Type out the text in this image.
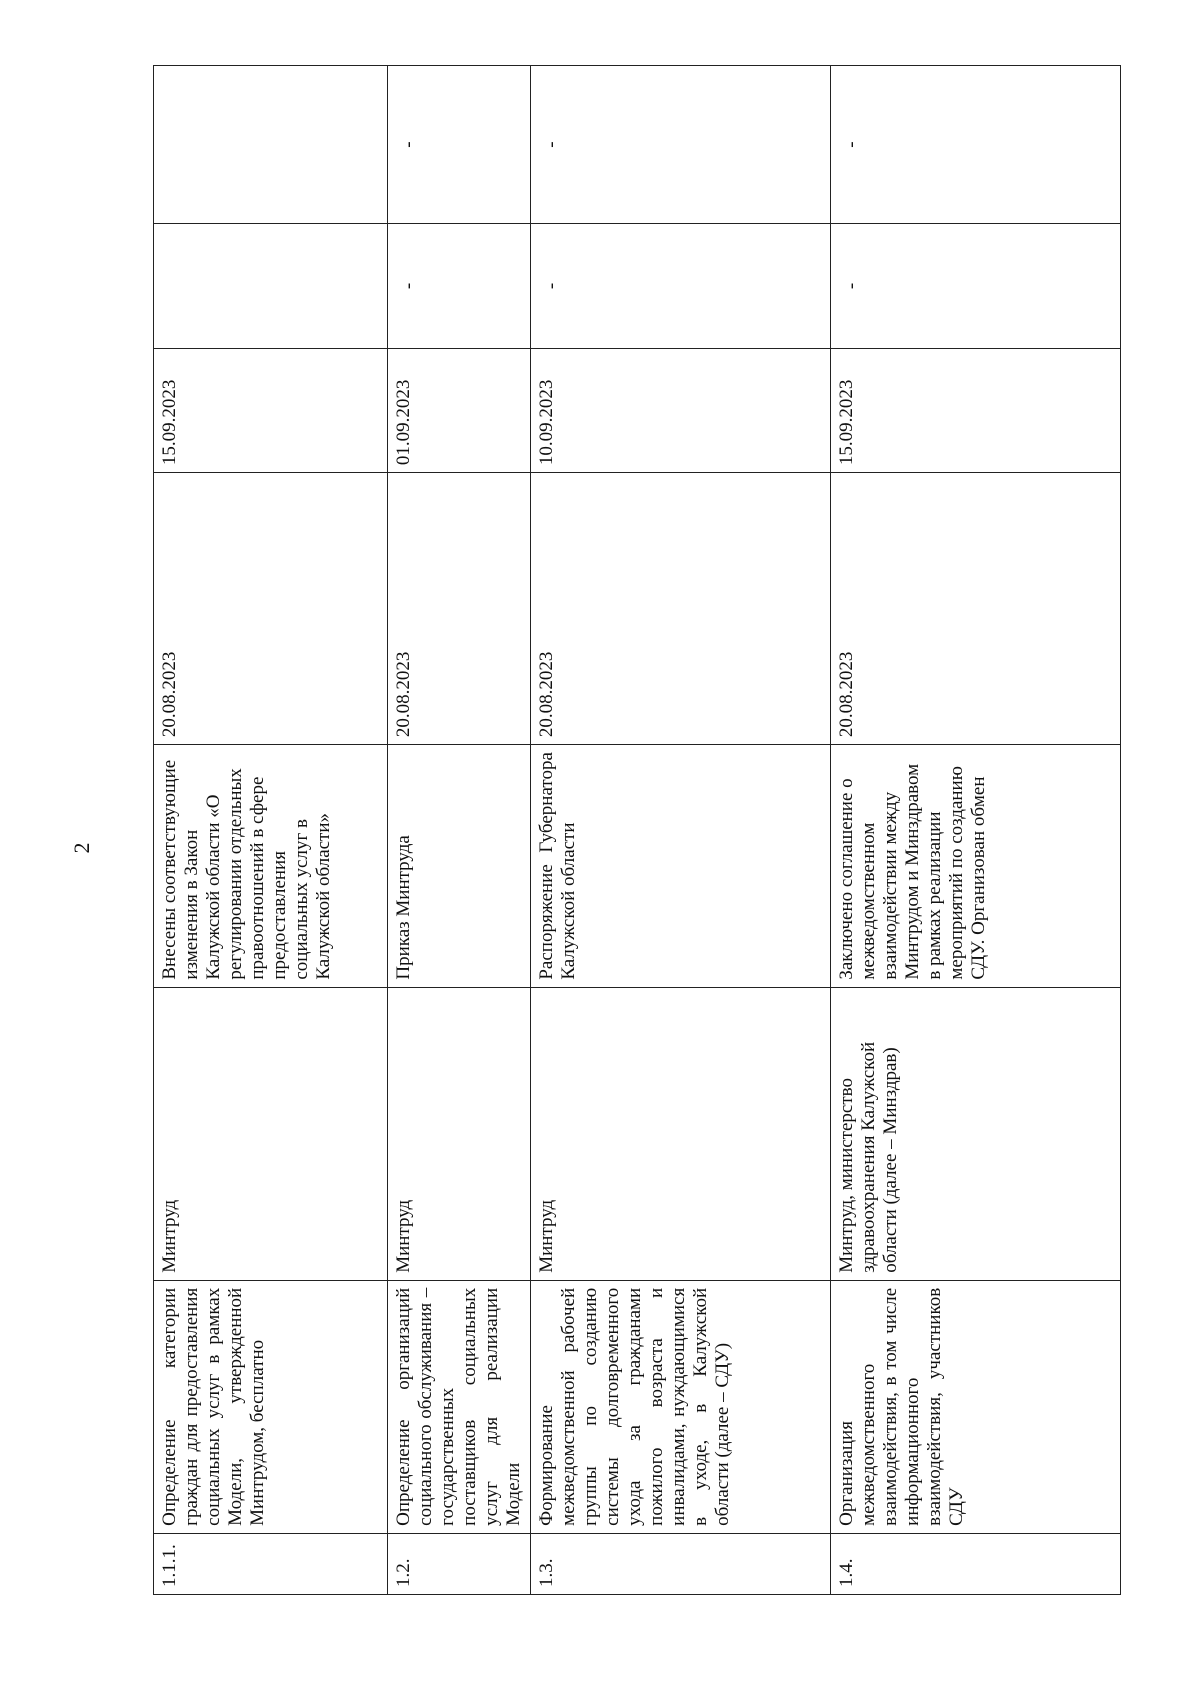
2
1.1.1.	Определение категории граждан для предоставления социальных услуг в рамках Модели, утвержденной Минтрудом, бесплатно	Минтруд	Внесены соответствующие изменения в Закон Калужской области «О регулировании отдельных правоотношений в сфере предоставления социальных услуг в Калужской области»	20.08.2023	15.09.2023		
1.2.	Определение организаций социального обслуживания – государственных поставщиков социальных услуг для реализации Модели	Минтруд	Приказ Минтруда	20.08.2023	01.09.2023	-	-
1.3.	Формирование межведомственной рабочей группы по созданию системы долговременного ухода за гражданами пожилого возраста и инвалидами, нуждающимися в уходе, в Калужской области (далее – СДУ)	Минтруд	Распоряжение Губернатора Калужской области	20.08.2023	10.09.2023	-	-
1.4.	Организация межведомственного взаимодействия, в том числе информационного взаимодействия, участников СДУ	Минтруд, министерство здравоохранения Калужской области (далее – Минздрав)	Заключено соглашение о межведомственном взаимодействии между Минтрудом и Минздравом в рамках реализации мероприятий по созданию СДУ. Организован обмен	20.08.2023	15.09.2023	-	-
